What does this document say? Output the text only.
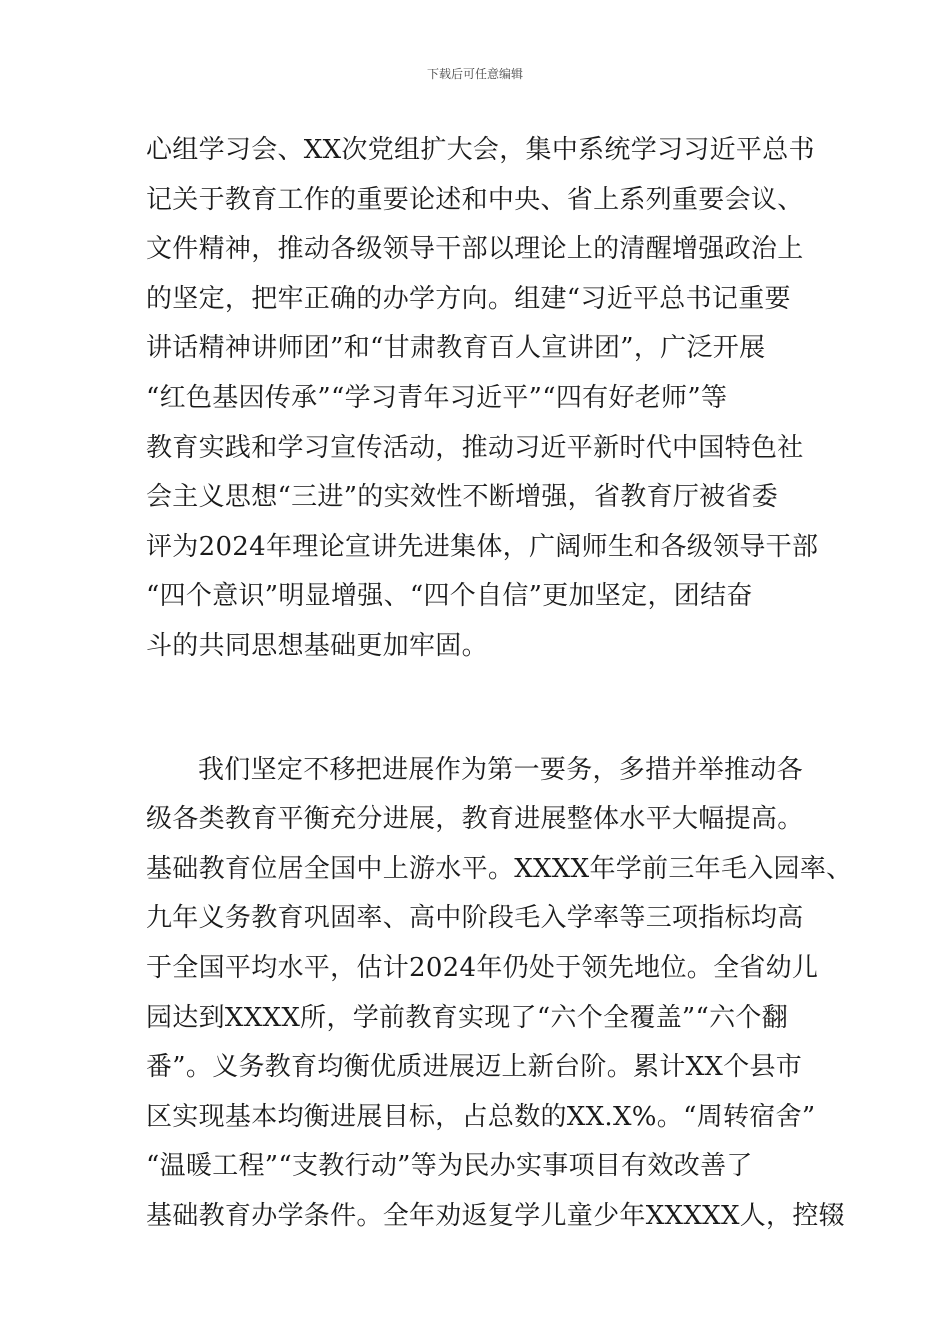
下载后可任意编辑
心组学习会、XX次党组扩大会，集中系统学习习近平总书
记关于教育工作的重要论述和中央、省上系列重要会议、
文件精神，推动各级领导干部以理论上的清醒增强政治上
的坚定，把牢正确的办学方向。组建“习近平总书记重要
讲话精神讲师团”和“甘肃教育百人宣讲团”，广泛开展
“红色基因传承”“学习青年习近平”“四有好老师”等
教育实践和学习宣传活动，推动习近平新时代中国特色社
会主义思想“三进”的实效性不断增强，省教育厅被省委
评为2024年理论宣讲先进集体，广阔师生和各级领导干部
“四个意识”明显增强、“四个自信”更加坚定，团结奋
斗的共同思想基础更加牢固。
我们坚定不移把进展作为第一要务，多措并举推动各
级各类教育平衡充分进展，教育进展整体水平大幅提高。
基础教育位居全国中上游水平。XXXX年学前三年毛入园率、
九年义务教育巩固率、高中阶段毛入学率等三项指标均高
于全国平均水平，估计2024年仍处于领先地位。全省幼儿
园达到XXXX所，学前教育实现了“六个全覆盖”“六个翻
番”。义务教育均衡优质进展迈上新台阶。累计XX个县市
区实现基本均衡进展目标，占总数的XX.X%。“周转宿舍”
“温暖工程”“支教行动”等为民办实事项目有效改善了
基础教育办学条件。全年劝返复学儿童少年XXXXX人，控辍
